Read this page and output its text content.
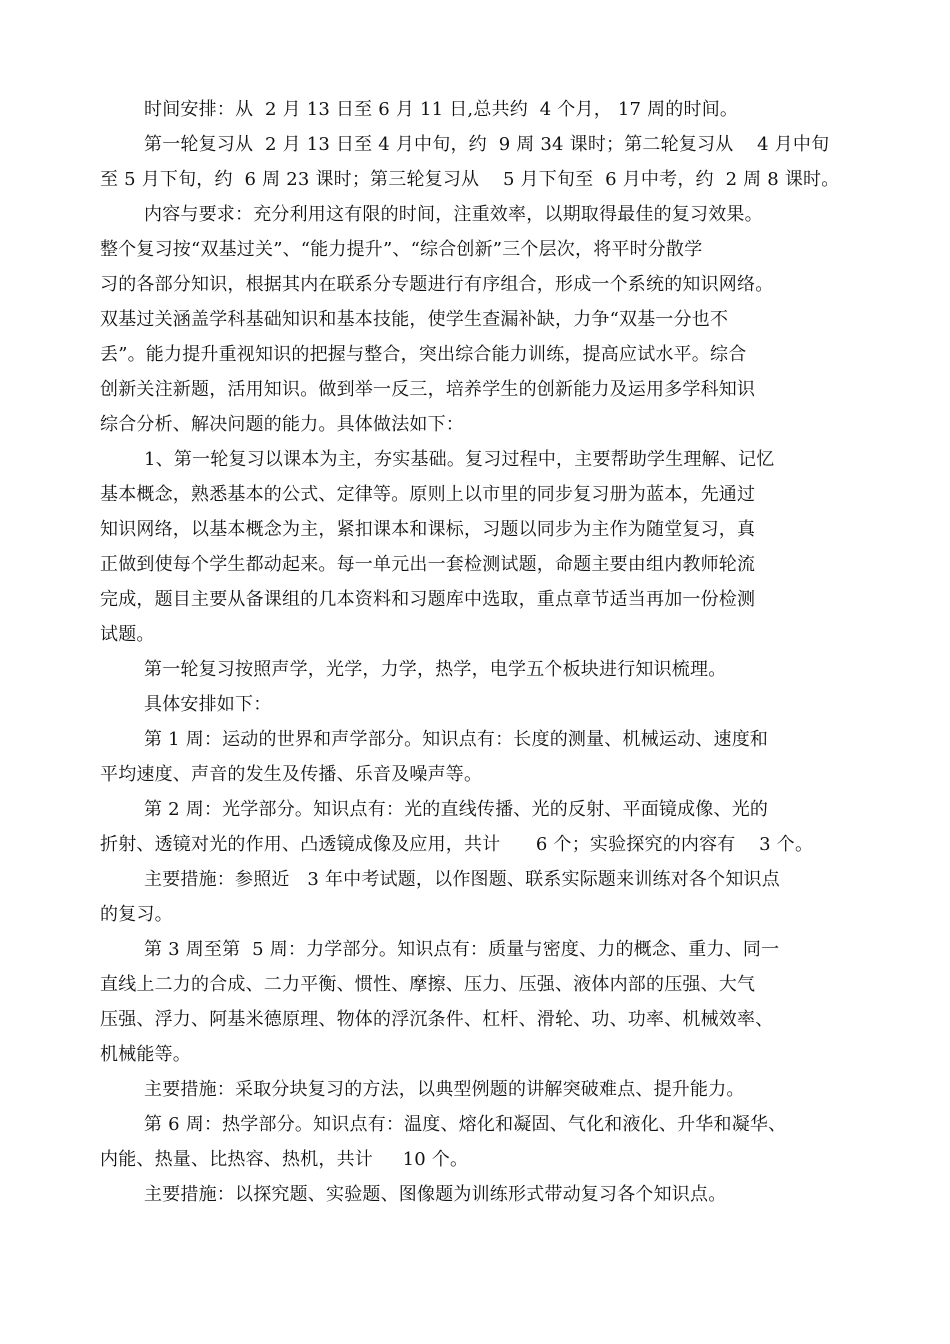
时间安排：从  2 月 13 日至 6 月 11 日,总共约  4 个月， 17 周的时间。
第一轮复习从  2 月 13 日至 4 月中旬，约  9 周 34 课时；第二轮复习从    4 月中旬
至 5 月下旬，约  6 周 23 课时；第三轮复习从    5 月下旬至  6 月中考，约  2 周 8 课时。
内容与要求：充分利用这有限的时间，注重效率，以期取得最佳的复习效果。
整个复习按“双基过关”、“能力提升”、“综合创新”三个层次，将平时分散学
习的各部分知识，根据其内在联系分专题进行有序组合，形成一个系统的知识网络。
双基过关涵盖学科基础知识和基本技能，使学生查漏补缺，力争“双基一分也不
丢”。能力提升重视知识的把握与整合，突出综合能力训练，提高应试水平。综合
创新关注新题，活用知识。做到举一反三，培养学生的创新能力及运用多学科知识
综合分析、解决问题的能力。具体做法如下：
1、第一轮复习以课本为主，夯实基础。复习过程中，主要帮助学生理解、记忆
基本概念，熟悉基本的公式、定律等。原则上以市里的同步复习册为蓝本，先通过
知识网络，以基本概念为主，紧扣课本和课标，习题以同步为主作为随堂复习，真
正做到使每个学生都动起来。每一单元出一套检测试题，命题主要由组内教师轮流
完成，题目主要从备课组的几本资料和习题库中选取，重点章节适当再加一份检测
试题。
第一轮复习按照声学，光学，力学，热学，电学五个板块进行知识梳理。
具体安排如下：
第 1 周：运动的世界和声学部分。知识点有：长度的测量、机械运动、速度和
平均速度、声音的发生及传播、乐音及噪声等。
第 2 周：光学部分。知识点有：光的直线传播、光的反射、平面镜成像、光的
折射、透镜对光的作用、凸透镜成像及应用，共计      6 个；实验探究的内容有    3 个。
主要措施：参照近   3 年中考试题，以作图题、联系实际题来训练对各个知识点
的复习。
第 3 周至第  5 周：力学部分。知识点有：质量与密度、力的概念、重力、同一
直线上二力的合成、二力平衡、惯性、摩擦、压力、压强、液体内部的压强、大气
压强、浮力、阿基米德原理、物体的浮沉条件、杠杆、滑轮、功、功率、机械效率、
机械能等。
主要措施：采取分块复习的方法，以典型例题的讲解突破难点、提升能力。
第 6 周：热学部分。知识点有：温度、熔化和凝固、气化和液化、升华和凝华、
内能、热量、比热容、热机，共计     10 个。
主要措施：以探究题、实验题、图像题为训练形式带动复习各个知识点。
